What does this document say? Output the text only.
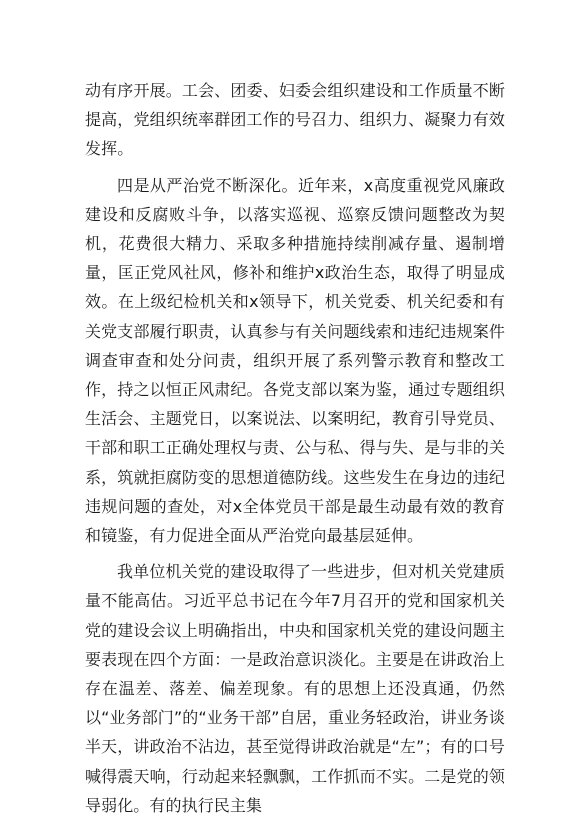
动有序开展。工会、团委、妇委会组织建设和工作质量不断提高，党组织统率群团工作的号召力、组织力、凝聚力有效发挥。

四是从严治党不断深化。近年来，x高度重视党风廉政建设和反腐败斗争，以落实巡视、巡察反馈问题整改为契机，花费很大精力、采取多种措施持续削减存量、遏制增量，匡正党风社风，修补和维护x政治生态，取得了明显成效。在上级纪检机关和x领导下，机关党委、机关纪委和有关党支部履行职责，认真参与有关问题线索和违纪违规案件调查审查和处分问责，组织开展了系列警示教育和整改工作，持之以恒正风肃纪。各党支部以案为鉴，通过专题组织生活会、主题党日，以案说法、以案明纪，教育引导党员、干部和职工正确处理权与责、公与私、得与失、是与非的关系，筑就拒腐防变的思想道德防线。这些发生在身边的违纪违规问题的查处，对x全体党员干部是最生动最有效的教育和镜鉴，有力促进全面从严治党向最基层延伸。

我单位机关党的建设取得了一些进步，但对机关党建质量不能高估。习近平总书记在今年7月召开的党和国家机关党的建设会议上明确指出，中央和国家机关党的建设问题主要表现在四个方面：一是政治意识淡化。主要是在讲政治上存在温差、落差、偏差现象。有的思想上还没真通，仍然以“业务部门”的“业务干部”自居，重业务轻政治，讲业务谈半天，讲政治不沾边，甚至觉得讲政治就是“左”；有的口号喊得震天响，行动起来轻飘飘，工作抓而不实。二是党的领导弱化。有的执行民主集
